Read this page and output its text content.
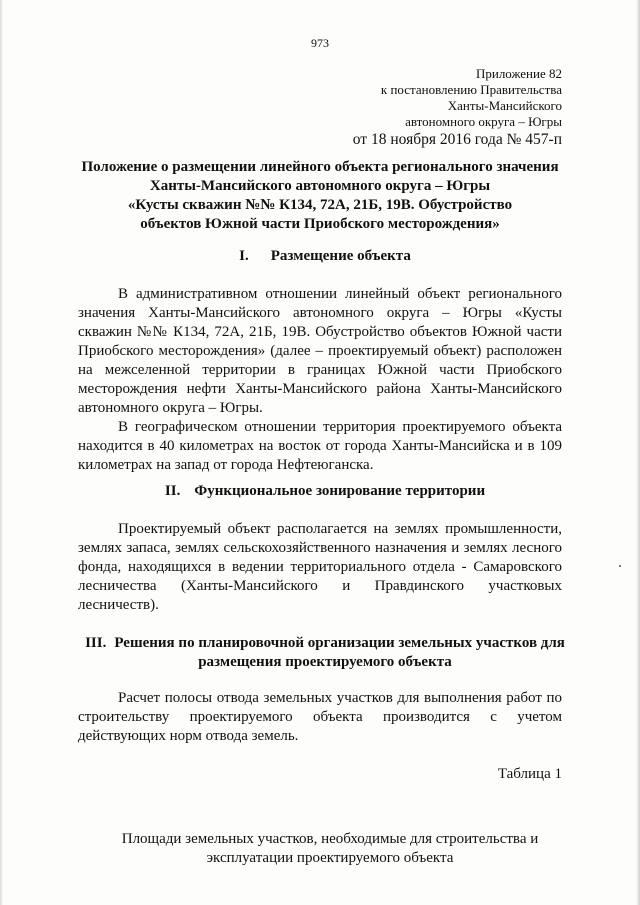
973
Приложение 82
к постановлению Правительства
Ханты-Мансийского
автономного округа – Югры
от 18 ноября 2016 года № 457-п
Положение о размещении линейного объекта регионального значения
Ханты-Мансийского автономного округа – Югры
«Кусты скважин №№ К134, 72А, 21Б, 19В. Обустройство
объектов Южной части Приобского месторождения»
I. Размещение объекта
В административном отношении линейный объект регионального
значения Ханты-Мансийского автономного округа – Югры «Кусты
скважин №№ К134, 72А, 21Б, 19В. Обустройство объектов Южной части
Приобского месторождения» (далее – проектируемый объект) расположен
на межселенной территории в границах Южной части Приобского
месторождения нефти Ханты-Мансийского района Ханты-Мансийского
автономного округа – Югры.
В географическом отношении территория проектируемого объекта
находится в 40 километрах на восток от города Ханты-Мансийска и в 109
километрах на запад от города Нефтеюганска.
II. Функциональное зонирование территории
Проектируемый объект располагается на землях промышленности,
землях запаса, землях сельскохозяйственного назначения и землях лесного
фонда, находящихся в ведении территориального отдела - Самаровского
лесничества (Ханты-Мансийского и Правдинского участковых
лесничеств).
III. Решения по планировочной организации земельных участков для
размещения проектируемого объекта
Расчет полосы отвода земельных участков для выполнения работ по
строительству проектируемого объекта производится с учетом
действующих норм отвода земель.
Таблица 1
Площади земельных участков, необходимые для строительства и
эксплуатации проектируемого объекта
